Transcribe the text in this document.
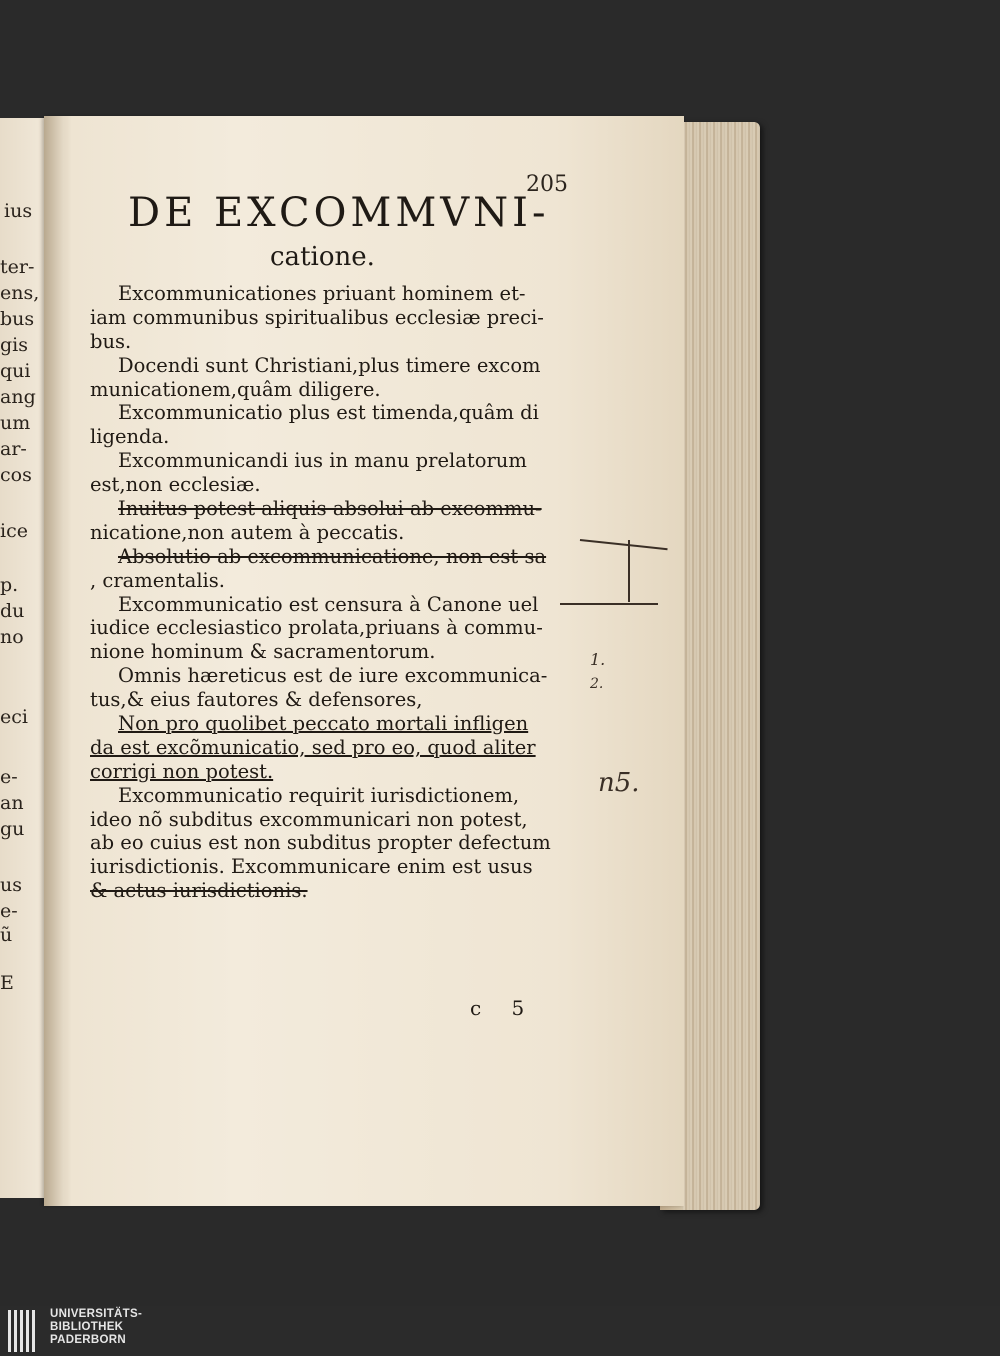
ius
ter-
ens,
bus
gis
qui
ang
um
ar-
cos
ice
p.
du
no
eci
e-
an
gu
us
e-
ũ
E
205
DE EXCOMMVNI-
catione.
Excommunicationes priuant hominem et-
iam communibus spiritualibus ecclesiæ preci-
bus.
Docendi sunt Christiani,plus timere excom
municationem,quâm diligere.
Excommunicatio plus est timenda,quâm di
ligenda.
Excommunicandi ius in manu prelatorum
est,non ecclesiæ.
Inuitus potest aliquis absolui ab excommu-
nicatione,non autem à peccatis.
Absolutio ab excommunicatione, non est sa
, cramentalis.
Excommunicatio est censura à Canone uel
iudice ecclesiastico prolata,priuans à commu-
nione hominum & sacramentorum.
Omnis hæreticus est de iure excommunica-
tus,& eius fautores & defensores,
Non pro quolibet peccato mortali infligen
da est excõmunicatio, sed pro eo, quod aliter
corrigi non potest.
Excommunicatio requirit iurisdictionem,
ideo nõ subditus excommunicari non potest,
ab eo cuius est non subditus propter defectum
iurisdictionis. Excommunicare enim est usus
& actus iurisdictionis.
c 5
1.
2.
n5.
UNIVERSITÄTS-
BIBLIOTHEK
PADERBORN
